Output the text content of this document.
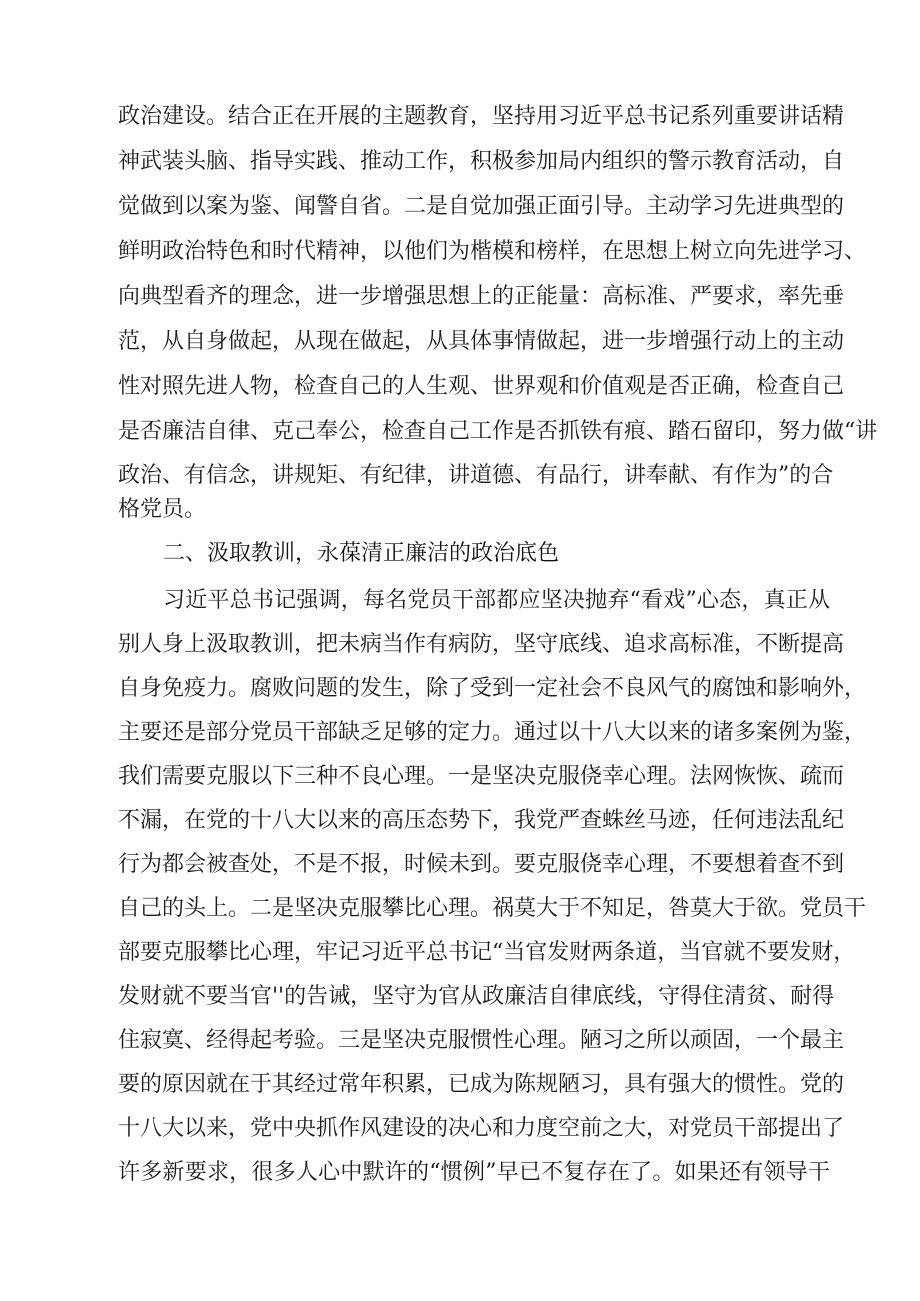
政治建设。结合正在开展的主题教育，坚持用习近平总书记系列重要讲话精
神武装头脑、指导实践、推动工作，积极参加局内组织的警示教育活动，自
觉做到以案为鉴、闻警自省。二是自觉加强正面引导。主动学习先进典型的
鲜明政治特色和时代精神，以他们为楷模和榜样，在思想上树立向先进学习、
向典型看齐的理念，进一步增强思想上的正能量：高标准、严要求，率先垂
范，从自身做起，从现在做起，从具体事情做起，进一步增强行动上的主动
性对照先进人物，检查自己的人生观、世界观和价值观是否正确，检查自己
是否廉洁自律、克己奉公，检查自己工作是否抓铁有痕、踏石留印，努力做“讲
政治、有信念，讲规矩、有纪律，讲道德、有品行，讲奉献、有作为”的合
格党员。
二、汲取教训，永葆清正廉洁的政治底色
习近平总书记强调，每名党员干部都应坚决抛弃“看戏”心态，真正从
别人身上汲取教训，把未病当作有病防，坚守底线、追求高标准，不断提高
自身免疫力。腐败问题的发生，除了受到一定社会不良风气的腐蚀和影响外，
主要还是部分党员干部缺乏足够的定力。通过以十八大以来的诸多案例为鉴，
我们需要克服以下三种不良心理。一是坚决克服侥幸心理。法网恢恢、疏而
不漏，在党的十八大以来的高压态势下，我党严查蛛丝马迹，任何违法乱纪
行为都会被查处，不是不报，时候未到。要克服侥幸心理，不要想着查不到
自己的头上。二是坚决克服攀比心理。祸莫大于不知足，咎莫大于欲。党员干
部要克服攀比心理，牢记习近平总书记“当官发财两条道，当官就不要发财，
发财就不要当官''的告诫，坚守为官从政廉洁自律底线，守得住清贫、耐得
住寂寞、经得起考验。三是坚决克服惯性心理。陋习之所以顽固，一个最主
要的原因就在于其经过常年积累，已成为陈规陋习，具有强大的惯性。党的
十八大以来，党中央抓作风建设的决心和力度空前之大，对党员干部提出了
许多新要求，很多人心中默许的“惯例”早已不复存在了。如果还有领导干
